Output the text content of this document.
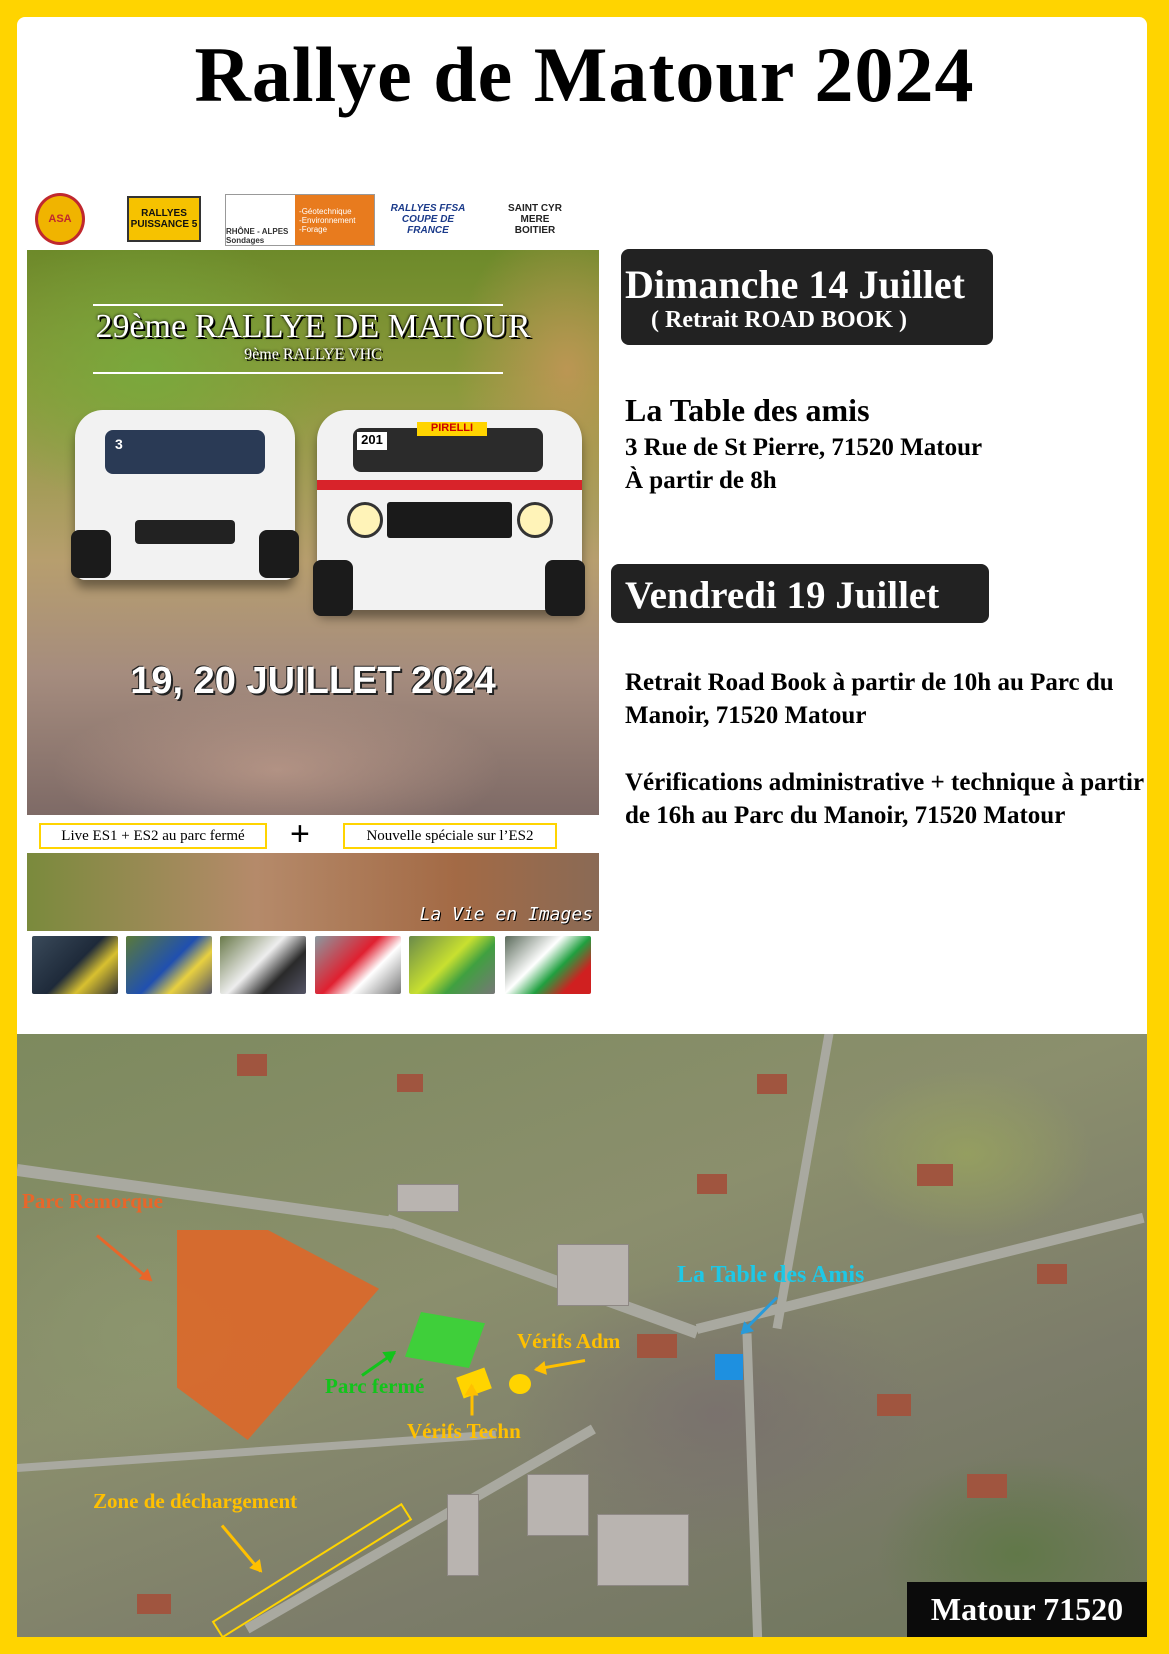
Rallye de Matour 2024
ASA	RALLYES PUISSANCE 5
RHÔNE - ALPES Sondages
-Géotechnique
-Environnement
-Forage
RALLYES FFSA COUPE DE FRANCE
SAINT CYR MERE BOITIER
29ème RALLYE DE MATOUR
9ème RALLYE VHC
3	201
PIRELLI
19, 20 JUILLET 2024
Live ES1 + ES2 au parc fermé	+	Nouvelle spéciale sur l’ES2
La Vie en Images
Dimanche 14 Juillet
( Retrait ROAD BOOK )
La Table des amis
3 Rue de St Pierre, 71520 Matour
À partir de 8h
Vendredi 19 Juillet
Retrait Road Book à partir de 10h au Parc du Manoir, 71520 Matour
Vérifications administrative + technique à partir de 16h au Parc du Manoir, 71520 Matour
Parc Remorque
La Table des Amis
Vérifs Adm
Parc fermé
Vérifs Techn
Zone de déchargement
Matour 71520
